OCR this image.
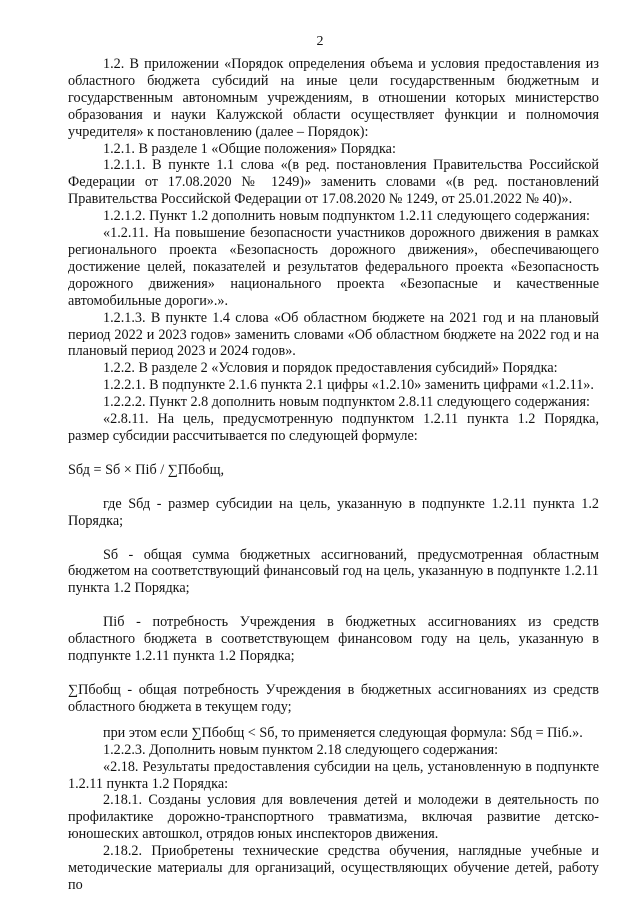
2

1.2. В приложении «Порядок определения объема и условия предоставления из областного бюджета субсидий на иные цели государственным бюджетным и государственным автономным учреждениям, в отношении которых министерство образования и науки Калужской области осуществляет функции и полномочия учредителя» к постановлению (далее – Порядок):

1.2.1. В разделе 1 «Общие положения» Порядка:

1.2.1.1. В пункте 1.1 слова «(в ред. постановления Правительства Российской Федерации от 17.08.2020 № 1249)» заменить словами «(в ред. постановлений Правительства Российской Федерации от 17.08.2020 № 1249, от 25.01.2022 № 40)».

1.2.1.2. Пункт 1.2 дополнить новым подпунктом 1.2.11 следующего содержания:

«1.2.11. На повышение безопасности участников дорожного движения в рамках регионального проекта «Безопасность дорожного движения», обеспечивающего достижение целей, показателей и результатов федерального проекта «Безопасность дорожного движения» национального проекта «Безопасные и качественные автомобильные дороги».».

1.2.1.3. В пункте 1.4 слова «Об областном бюджете на 2021 год и на плановый период 2022 и 2023 годов» заменить словами «Об областном бюджете на 2022 год и на плановый период 2023 и 2024 годов».

1.2.2. В разделе 2 «Условия и порядок предоставления субсидий» Порядка:

1.2.2.1. В подпункте 2.1.6 пункта 2.1 цифры «1.2.10» заменить цифрами «1.2.11».

1.2.2.2. Пункт 2.8 дополнить новым подпунктом 2.8.11 следующего содержания:

«2.8.11. На цель, предусмотренную подпунктом 1.2.11 пункта 1.2 Порядка, размер субсидии рассчитывается по следующей формуле:

Sбд = Sб × Пiб / ∑Пбобщ,

где Sбд - размер субсидии на цель, указанную в подпункте 1.2.11 пункта 1.2 Порядка;

Sб - общая сумма бюджетных ассигнований, предусмотренная областным бюджетом на соответствующий финансовый год на цель, указанную в подпункте 1.2.11 пункта 1.2 Порядка;

Пiб - потребность Учреждения в бюджетных ассигнованиях из средств областного бюджета в соответствующем финансовом году на цель, указанную в подпункте 1.2.11 пункта 1.2 Порядка;

∑Пбобщ - общая потребность Учреждения в бюджетных ассигнованиях из средств областного бюджета в текущем году;

при этом если ∑Пбобщ < Sб, то применяется следующая формула: Sбд = Пiб.».

1.2.2.3. Дополнить новым пунктом 2.18 следующего содержания:

«2.18. Результаты предоставления субсидии на цель, установленную в подпункте 1.2.11 пункта 1.2 Порядка:

2.18.1. Созданы условия для вовлечения детей и молодежи в деятельность по профилактике дорожно-транспортного травматизма, включая развитие детско-юношеских автошкол, отрядов юных инспекторов движения.

2.18.2. Приобретены технические средства обучения, наглядные учебные и методические материалы для организаций, осуществляющих обучение детей, работу по
